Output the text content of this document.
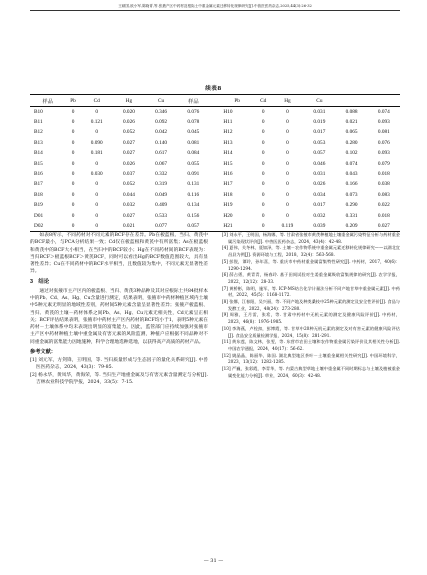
王硕国,欧小军,陈晓青,等.张掖产区中药材及根际土中重金属元素迁移转化规律研究[J].中兽医医药杂志,2025,44(3):26-32
续表8
样品	Pb	Cd	Hg	Cu	样品		Pb	Cd	Hg	Cu		
B10	0	0	0.020	0.346	0.076		H10	0	0	0.031	0.088	0.074
B11	0	0.121	0.026	0.092	0.078		H11	0	0	0.019	0.021	0.093
B12	0	0	0.052	0.042	0.045		H12	0	0	0.017	0.065	0.081
B13	0	0.090	0.027	0.140	0.081		H13	0	0	0.053	0.280	0.076
B14	0	0.181	0.027	0.617	0.084		H14	0	0	0.057	0.102	0.093
B15	0	0	0.026	0.067	0.055		H15	0	0	0.046	0.074	0.079
B16	0	0.030	0.037	0.332	0.091		H16	0	0	0.031	0.043	0.018
B17	0	0	0.052	0.319	0.131		H17	0	0	0.026	0.166	0.038
B18	0	0	0.044	0.049	0.116		H18	0	0	0.034	0.073	0.083
B19	0	0	0.032	0.409	0.134		H19	0	0	0.017	0.290	0.022
D01	0	0	0.027	0.533	0.156		H20	0	0	0.032	0.331	0.018
D02	0	0	0.021	0.077	0.057		H21	0	0.119	0.039	0.209	0.027

如表8所示，不同药材对不同元素的BCF存在差异。Pb在板蓝根、当归、黄芪中的BCF最小，与PCA分析结果一致；Cd仅在板蓝根和黄芪中有所富集；As在板蓝根和黄芪中的BCF大小相当，在当归中的BCF较小；Hg在不同药材间的BCF表现为：当归BCF＞板蓝根BCF＞黄芪BCF，同时可以看出Hg的BCF数值范围较大，具有显著性差异；Cu在不同药材中的BCF水平相当，且数值较为集中，不同元素无显著性差异。

3　结论

通过对张掖市主产区内的板蓝根、当归、黄芪3种品种及其对应根际土共84批样本中的Pb、Cd、As、Hg、Cu含量进行测定，结果表明，张掖市中药材种植区域内土壤中5种元素无明显的地域性差别，药材间5种元素含量呈显著性差异；张掖产板蓝根、当归、黄芪的土壤－药材体系之间Pb、As、Hg、Cu元素无相关性，Cd元素呈正相关；BCF评估结果表明，张掖市中药材主产区内药材的BCF均小于1，表明5种元素在药材－土壤体系中均未表现出明显的富集能力。因此，监管部门应持续加强对张掖市主产区中药材种植土壤中重金属及有害元素的风险监测，种植户应根据不同品种对不同重金属的富集能力因地施种，科学合理地选种选地，以获得高产高质的药材产品。

参考文献：
[1] 刘元军，方剑锋，王明国，等. 当归质量形成与生态因子的量化关系研究[J]. 中兽医医药杂志，2024，43(3)：79-85.
[2] 杨永华，黄凤华，黄海荣，等. 当归生产地重金属及与有害元素含量测定与分析[J]. 吉林农业科技学院学报，2024，33(5)：7-15.
[3] 刘永平，王明国，杨海娜，等. 甘肃省张掖市黄芪种植地土壤重金属污染特征分析与药材重金属污染现状评价[J]. 中兽医医药杂志，2024，43(4)：42-48.
[4] 夏伟，关冬林，聂如泽，等. 土壤－农作物系统中重金属元素迁移转化规律研究——以湖北宜昌县为例[J]. 资源环境与工程，2018，32(4)：563-568.
[5] 彭锐，谭玲，孙年喜，等. 重庆市中药材重金属富集特性研究[J]. 中药材，2017，40(6)：1290-1294.
[6] 薛占勇，黄青青，杨春玲. 基于田间试验对生姜重金属吸收富集规律的研究[J]. 农学学报，2022，12(12)：28-33.
[7] 黄桥彬，陈明，施军，等. ICP-MS结合化学计量法分析不同产地甘草中重金属元素[J]. 中药材，2022，45(5)：1168-1172.
[8] 张娜，江春阳，吴兴丽，等. 不同产地及种类桑枝中25种元素的测定及安全性评价[J]. 食品与发酵工业，2022，48(24)：273-280.
[9] 周雅，王月雷，张希，等. 甘肃中药材中无机元素的测定及健康风险评价[J]. 中药材，2023，46(8)：1976-1985.
[10] 李海燕，卢栓扣，彭博霞，等. 甘草中20种无机元素的测定及对有害元素的健康风险评估[J]. 食品安全质量检测学报，2024，15(8)：281-291.
[11] 黄东莲，陈文林，张雯，等. 东营市农田土壤和农作物重金属污染评价及其相关性分析[J]. 中国农学通报，2024，40(17)：56-62.
[12] 姚晶晶，陈丽华，陈国. 湖北典型地区茶叶－土壤重金属相关性研究[J]. 中国环境科学，2023，13(12)：1282-1285.
[13] 严巍，张彩霞，李青华，等. 内蒙古典型草地土壤中重金属不同时期标志与土壤及植被重金属变化能力分析[J]. 草业，2024，60(3)：42-48.
— 31 —
